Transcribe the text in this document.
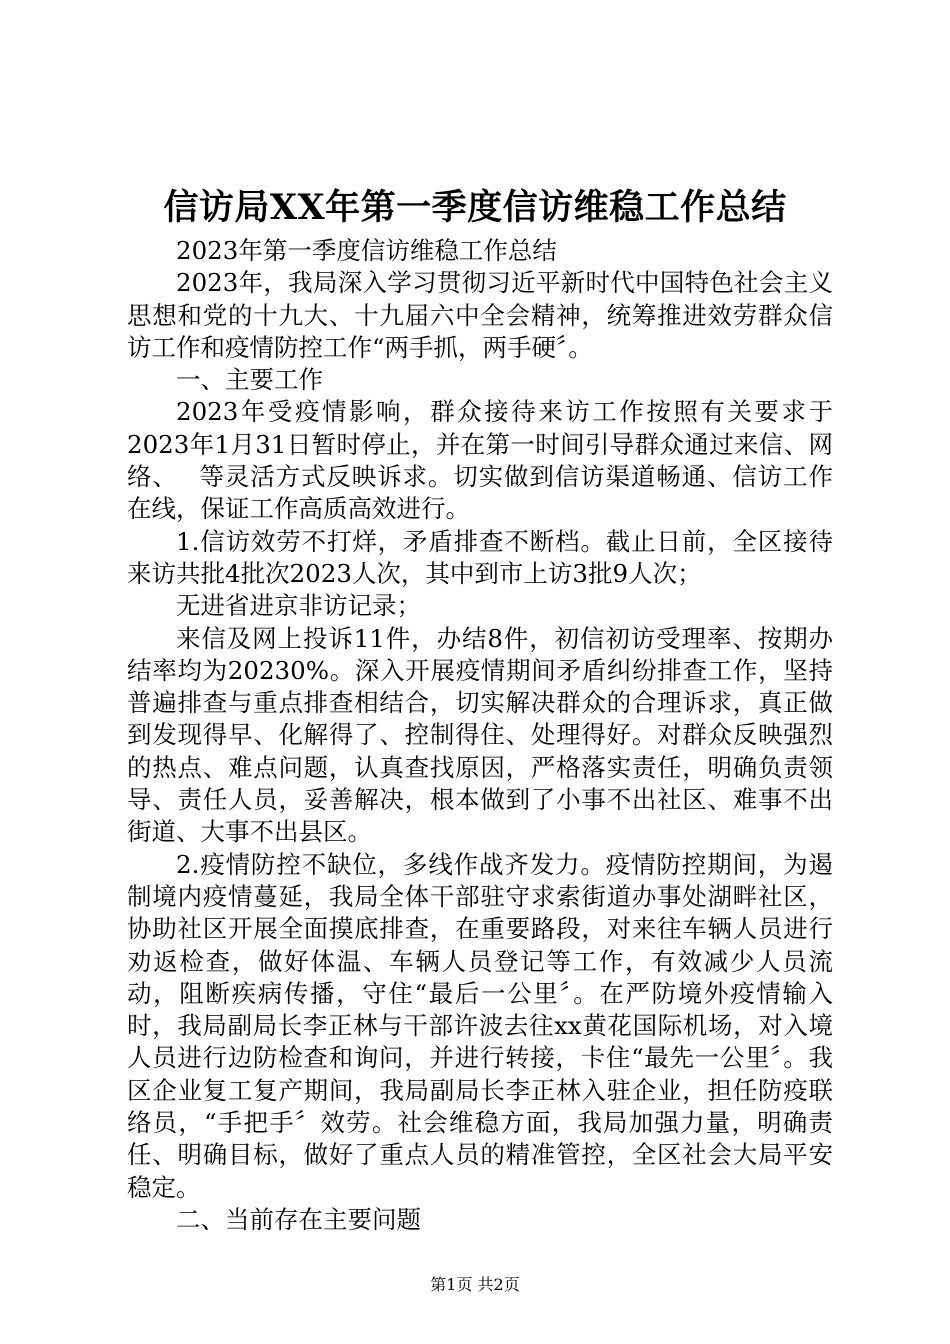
信访局XX年第一季度信访维稳工作总结

2023年第一季度信访维稳工作总结

2023年，我局深入学习贯彻习近平新时代中国特色社会主义思想和党的十九大、十九届六中全会精神，统筹推进效劳群众信访工作和疫情防控工作“两手抓，两手硬〞。

一、主要工作

2023年受疫情影响，群众接待来访工作按照有关要求于2023年1月31日暂时停止，并在第一时间引导群众通过来信、网络、　 等灵活方式反映诉求。切实做到信访渠道畅通、信访工作在线，保证工作高质高效进行。

1.信访效劳不打烊，矛盾排查不断档。截止日前，全区接待来访共批4批次2023人次，其中到市上访3批9人次；

无进省进京非访记录；

来信及网上投诉11件，办结8件，初信初访受理率、按期办结率均为20230%。深入开展疫情期间矛盾纠纷排查工作，坚持普遍排查与重点排查相结合，切实解决群众的合理诉求，真正做到发现得早、化解得了、控制得住、处理得好。对群众反映强烈的热点、难点问题，认真查找原因，严格落实责任，明确负责领导、责任人员，妥善解决，根本做到了小事不出社区、难事不出街道、大事不出县区。

2.疫情防控不缺位，多线作战齐发力。疫情防控期间，为遏制境内疫情蔓延，我局全体干部驻守求索街道办事处湖畔社区，协助社区开展全面摸底排查，在重要路段，对来往车辆人员进行劝返检查，做好体温、车辆人员登记等工作，有效减少人员流动，阻断疾病传播，守住“最后一公里〞。在严防境外疫情输入时，我局副局长李正林与干部许波去往xx黄花国际机场，对入境人员进行边防检查和询问，并进行转接，卡住“最先一公里〞。我区企业复工复产期间，我局副局长李正林入驻企业，担任防疫联络员，“手把手〞效劳。社会维稳方面，我局加强力量，明确责任、明确目标，做好了重点人员的精准管控，全区社会大局平安稳定。

二、当前存在主要问题

第1页 共2页
